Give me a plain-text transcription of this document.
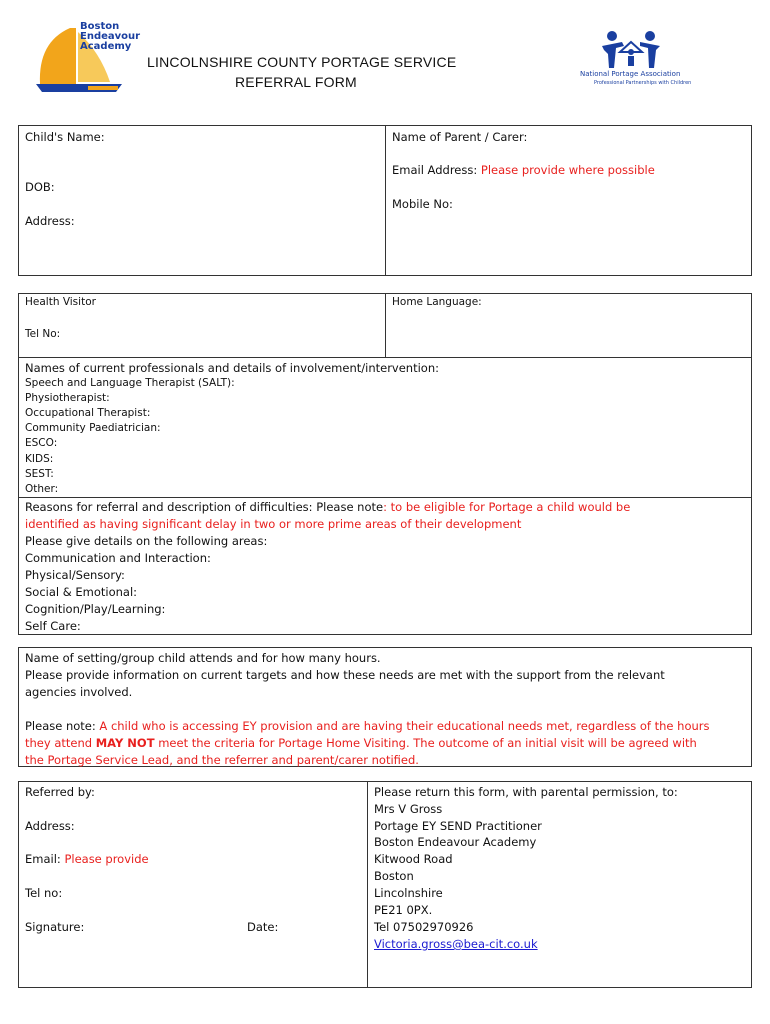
Boston
Endeavour
Academy
LINCOLNSHIRE COUNTY PORTAGE SERVICE
REFERRAL FORM	National Portage Association
Professional Partnerships with Children
Child's Name:
DOB:
Address:
Name of Parent / Carer:
Email Address: Please provide where possible
Mobile No:
Health Visitor
Tel No:
Home Language:
Names of current professionals and details of involvement/intervention:
Speech and Language Therapist (SALT):
Physiotherapist:
Occupational Therapist:
Community Paediatrician:
ESCO:
KIDS:
SEST:
Other:
Reasons for referral and description of difficulties: Please note: to be eligible for Portage a child would be
identified as having significant delay in two or more prime areas of their development
Please give details on the following areas:
Communication and Interaction:
Physical/Sensory:
Social & Emotional:
Cognition/Play/Learning:
Self Care:
Name of setting/group child attends and for how many hours.
Please provide information on current targets and how these needs are met with the support from the relevant
agencies involved.
Please note: A child who is accessing EY provision and are having their educational needs met, regardless of the hours
they attend MAY NOT meet the criteria for Portage Home Visiting. The outcome of an initial visit will be agreed with
the Portage Service Lead, and the referrer and parent/carer notified.
Referred by:
Address:
Email: Please provide
Tel no:
Signature:	Date:
Please return this form, with parental permission, to:
Mrs V Gross
Portage EY SEND Practitioner
Boston Endeavour Academy
Kitwood Road
Boston
Lincolnshire
PE21 0PX.
Tel 07502970926
Victoria.gross@bea-cit.co.uk
